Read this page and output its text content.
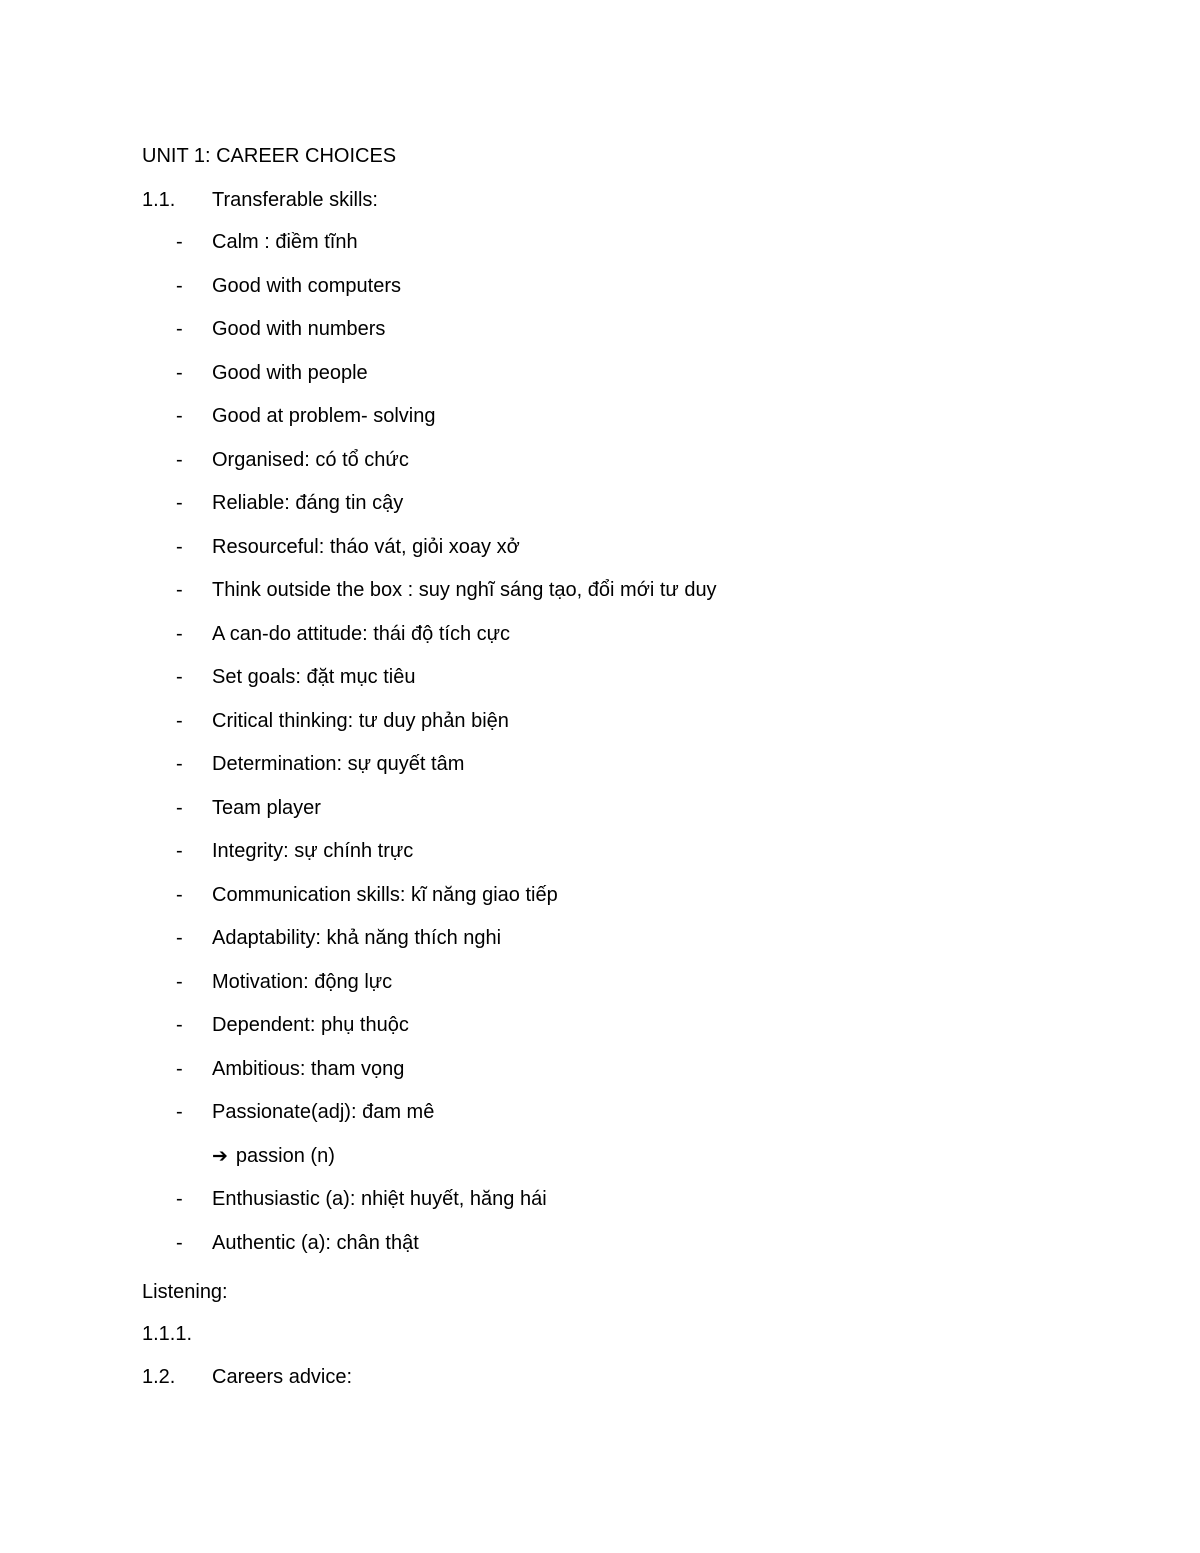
UNIT 1: CAREER CHOICES
1.1. Transferable skills:
- Calm : điềm tĩnh
- Good with computers
- Good with numbers
- Good with people
- Good at problem- solving
- Organised: có tổ chức
- Reliable: đáng tin cậy
- Resourceful: tháo vát, giỏi xoay xở
- Think outside the box : suy nghĩ sáng tạo, đổi mới tư duy
- A can-do attitude: thái độ tích cực
- Set goals: đặt mục tiêu
- Critical thinking: tư duy phản biện
- Determination: sự quyết tâm
- Team player
- Integrity: sự chính trực
- Communication skills: kĩ năng giao tiếp
- Adaptability: khả năng thích nghi
- Motivation: động lực
- Dependent: phụ thuộc
- Ambitious: tham vọng
- Passionate(adj): đam mê
➔ passion (n)
- Enthusiastic (a): nhiệt huyết, hăng hái
- Authentic (a): chân thật
Listening:
1.1.1.
1.2. Careers advice:
